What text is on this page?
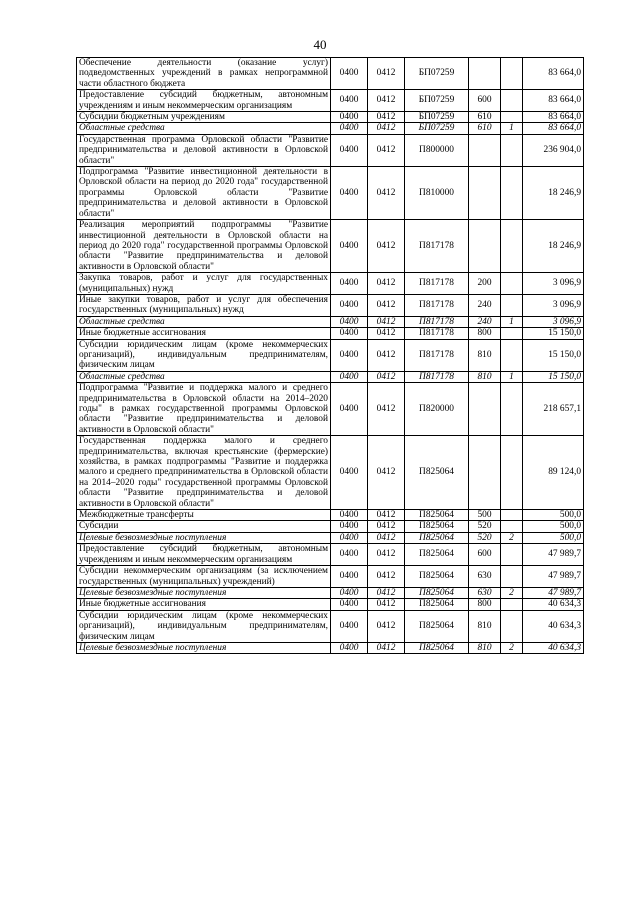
40
Обеспечение деятельности (оказание услуг) подведомственных учреждений в рамках непрограммной части областного бюджета	0400	0412	БП07259			83 664,0
Предоставление субсидий бюджетным, автономным учреждениям и иным некоммерческим организациям	0400	0412	БП07259	600		83 664,0
Субсидии бюджетным учреждениям	0400	0412	БП07259	610		83 664,0
Областные средства	0400	0412	БП07259	610	1	83 664,0
Государственная программа Орловской области "Развитие предпринимательства и деловой активности в Орловской области"	0400	0412	П800000			236 904,0
Подпрограмма "Развитие инвестиционной деятельности в Орловской области на период до 2020 года" государственной программы Орловской области "Развитие предпринимательства и деловой активности в Орловской области"	0400	0412	П810000			18 246,9
Реализация мероприятий подпрограммы "Развитие инвестиционной деятельности в Орловской области на период до 2020 года" государственной программы Орловской области "Развитие предпринимательства и деловой активности в Орловской области"	0400	0412	П817178			18 246,9
Закупка товаров, работ и услуг для государственных (муниципальных) нужд	0400	0412	П817178	200		3 096,9
Иные закупки товаров, работ и услуг для обеспечения государственных (муниципальных) нужд	0400	0412	П817178	240		3 096,9
Областные средства	0400	0412	П817178	240	1	3 096,9
Иные бюджетные ассигнования	0400	0412	П817178	800		15 150,0
Субсидии юридическим лицам (кроме некоммерческих организаций), индивидуальным предпринимателям, физическим лицам	0400	0412	П817178	810		15 150,0
Областные средства	0400	0412	П817178	810	1	15 150,0
Подпрограмма "Развитие и поддержка малого и среднего предпринимательства в Орловской области на 2014–2020 годы" в рамках государственной программы Орловской области "Развитие предпринимательства и деловой активности в Орловской области"	0400	0412	П820000			218 657,1
Государственная поддержка малого и среднего предпринимательства, включая крестьянские (фермерские) хозяйства, в рамках подпрограммы "Развитие и поддержка малого и среднего предпринимательства в Орловской области на 2014–2020 годы" государственной программы Орловской области "Развитие предпринимательства и деловой активности в Орловской области"	0400	0412	П825064			89 124,0
Межбюджетные трансферты	0400	0412	П825064	500		500,0
Субсидии	0400	0412	П825064	520		500,0
Целевые безвозмездные поступления	0400	0412	П825064	520	2	500,0
Предоставление субсидий бюджетным, автономным учреждениям и иным некоммерческим организациям	0400	0412	П825064	600		47 989,7
Субсидии некоммерческим организациям (за исключением государственных (муниципальных) учреждений)	0400	0412	П825064	630		47 989,7
Целевые безвозмездные поступления	0400	0412	П825064	630	2	47 989,7
Иные бюджетные ассигнования	0400	0412	П825064	800		40 634,3
Субсидии юридическим лицам (кроме некоммерческих организаций), индивидуальным предпринимателям, физическим лицам	0400	0412	П825064	810		40 634,3
Целевые безвозмездные поступления	0400	0412	П825064	810	2	40 634,3
